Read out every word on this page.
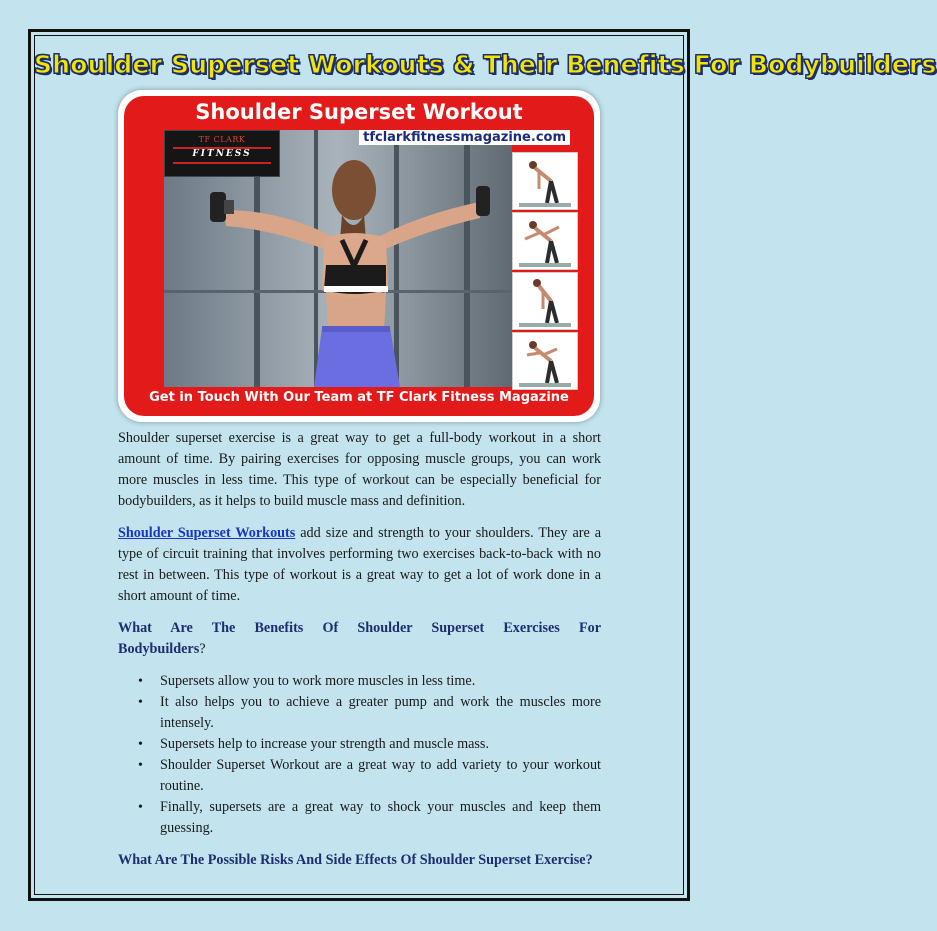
Shoulder Superset Workouts & Their Benefits For Bodybuilders
Shoulder Superset Workout
TF CLARK
FITNESS
tfclarkfitnessmagazine.com
Get in Touch With Our Team at TF Clark Fitness Magazine

Shoulder superset exercise is a great way to get a full-body workout in a short amount of time. By pairing exercises for opposing muscle groups, you can work more muscles in less time. This type of workout can be especially beneficial for bodybuilders, as it helps to build muscle mass and definition.

Shoulder Superset Workouts add size and strength to your shoulders. They are a type of circuit training that involves performing two exercises back-to-back with no rest in between. This type of workout is a great way to get a lot of work done in a short amount of time.

What Are The Benefits Of Shoulder Superset Exercises For
Bodybuilders?
• Supersets allow you to work more muscles in less time.
• It also helps you to achieve a greater pump and work the muscles more intensely.
• Supersets help to increase your strength and muscle mass.
• Shoulder Superset Workout are a great way to add variety to your workout routine.
• Finally, supersets are a great way to shock your muscles and keep them guessing.
What Are The Possible Risks And Side Effects Of Shoulder Superset Exercise?
